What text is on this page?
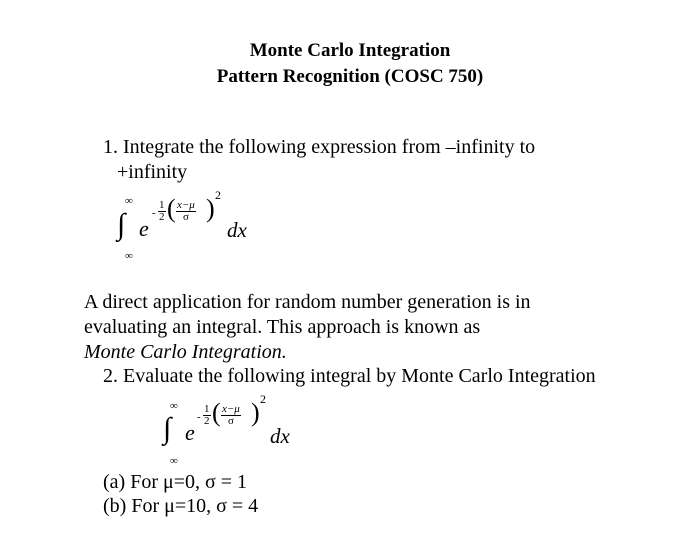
Monte Carlo Integration
Pattern Recognition (COSC 750)
1. Integrate the following expression from –infinity to
+infinity
∞
∫
∞
e
- $\frac{1}{2}$ ( $\frac{x-\mu}{\sigma}$ ) 2
dx
A direct application for random number generation is in
evaluating an integral. This approach is known as
Monte Carlo Integration.
2. Evaluate the following integral by Monte Carlo Integration
∞
∫
∞
e
- $\frac{1}{2}$ ( $\frac{x-\mu}{\sigma}$ ) 2
dx
(a) For μ=0, σ = 1
(b) For μ=10, σ = 4
